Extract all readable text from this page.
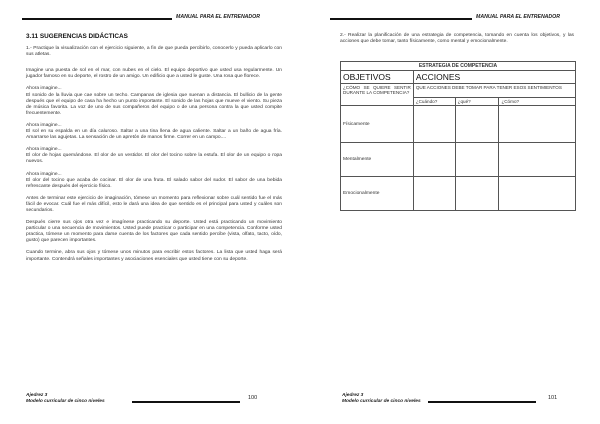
MANUAL PARA EL ENTRENADOR
3.11 SUGERENCIAS DIDÁCTICAS

1.- Practique la visualización con el ejercicio siguiente, a fin de que pueda percibirlo, conocerlo y pueda aplicarlo con sus atletas.

Imagine una puesta de sol en el mar, con nubes en el cielo. El equipo deportivo que usted usa regularmente. Un jugador famoso en su deporte, el rostro de un amigo. Un edificio que a usted le guste. Una rosa que florece.

Ahora imagine...

El sonido de la lluvia que cae sobre un techo. Campanas de iglesia que suenan a distancia. El bullicio de la gente después que el equipo de casa ha hecho un punto importante. El sonido de las hojas que mueve el viento. Su pieza de música favorita. La voz de uno de sus compañeros del equipo o de una persona contra la que usted compite frecuentemente.

Ahora imagine...

El sol en su espalda en un día caluroso. Saltar a una tina llena de agua caliente. Saltar a un baño de agua fría. Amarrarse las agujetas. La sensación de un apretón de manos firme. Correr en un campo....

Ahora imagine...

El olor de hojas quemándose. El olor de un vestidor. El olor del tocino sobre la estufa. El olor de un equipo o ropa nuevos.

Ahora imagine...

El olor del tocino que acaba de cocinar. El olor de una fruta. El salado sabor del sudor. El sabor de una bebida refrescante después del ejercicio físico.

Antes de terminar este ejercicio de imaginación, tómese un momento para reflexionar sobre cuál sentido fue el más fácil de evocar. Cuál fue el más difícil, esto le dará una idea de que sentido es el principal para usted y cuáles son secundarios.

Después cierre sus ojos otra vez e imagínese practicando su deporte. Usted está practicando un movimiento particular o una secuencia de movimientos. Usted puede practicar o participar en una competencia. Conforme usted practica, tómese un momento para darse cuenta de los factores que cada sentido percibe (vista, olfato, tacto, oído, gusto) que parecen importantes.

Cuando termine, abra sus ojos y tómese unos minutos para escribir estos factores. La lista que usted haga será importante. Contendrá señales importantes y asociaciones esenciales que usted tiene con su deporte.

Ajedrez 3
Modelo curricular de cinco niveles
100
MANUAL PARA EL ENTRENADOR

2.- Realizar la planificación de una estrategia de competencia, tomando en cuenta los objetivos, y las acciones que debe tomar, tanto físicamente, como mental y emocionalmente.

ESTRATEGIA DE COMPETENCIA			
OBJETIVOS	ACCIONES		
¿CÓMO SE QUIERE SENTIR DURANTE LA COMPETENCIA?	QUE ACCIONES DEBE TOMAR PARA TENER ESOS SENTIMIENTOS		
	¿Cuándo?	¿qué?	¿Cómo?
Físicamente			
Mentalmente			
Emocionalmente			
Ajedrez 3
Modelo curricular de cinco niveles
101
